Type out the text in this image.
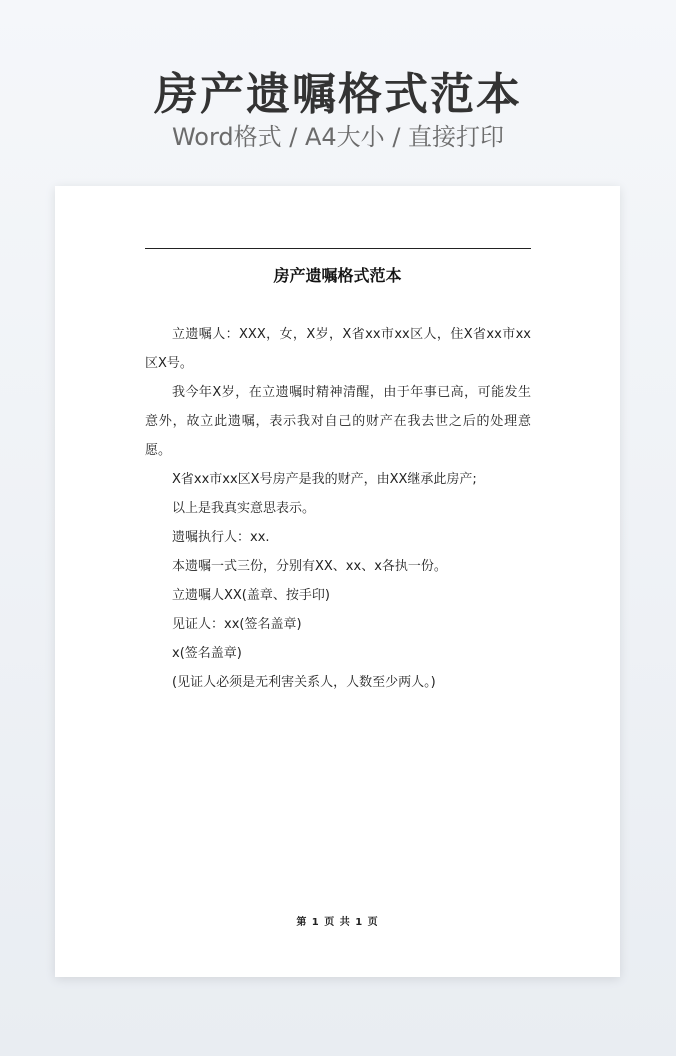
房产遗嘱格式范本
Word格式 / A4大小 / 直接打印
房产遗嘱格式范本

立遗嘱人：XXX，女，X岁，X省xx市xx区人，住X省xx市xx区X号。

我今年X岁，在立遗嘱时精神清醒，由于年事已高，可能发生意外，故立此遗嘱，表示我对自己的财产在我去世之后的处理意愿。

X省xx市xx区X号房产是我的财产，由XX继承此房产;

以上是我真实意思表示。

遗嘱执行人：xx.

本遗嘱一式三份，分别有XX、xx、x各执一份。

立遗嘱人XX(盖章、按手印)

见证人：xx(签名盖章)

x(签名盖章)

(见证人必须是无利害关系人，人数至少两人。)

第 1 页 共 1 页
